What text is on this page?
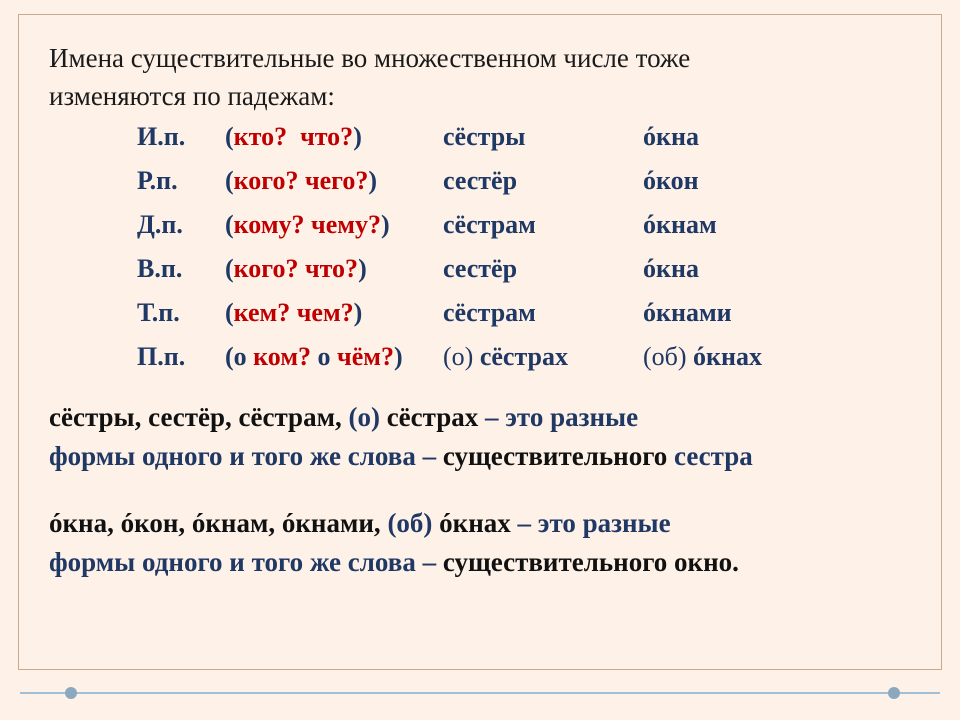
Имена существительные во множественном числе тоже
изменяются по падежам:
И.п.	(кто?  что?)	сёстры	óкна
Р.п.	(кого? чего?)	сестёр	óкон
Д.п.	(кому? чему?)	сёстрам	óкнам
В.п.	(кого? что?)	сестёр	óкна
Т.п.	(кем? чем?)	сёстрам	óкнами
П.п.	(о ком? о чём?)	(о) сёстрах	(об) óкнах

сёстры, сестёр, сёстрам, (о) сёстрах – это разные
формы одного и того же слова – существительного сестра

óкна, óкон, óкнам, óкнами, (об) óкнах – это разные
формы одного и того же слова – существительного окно.
